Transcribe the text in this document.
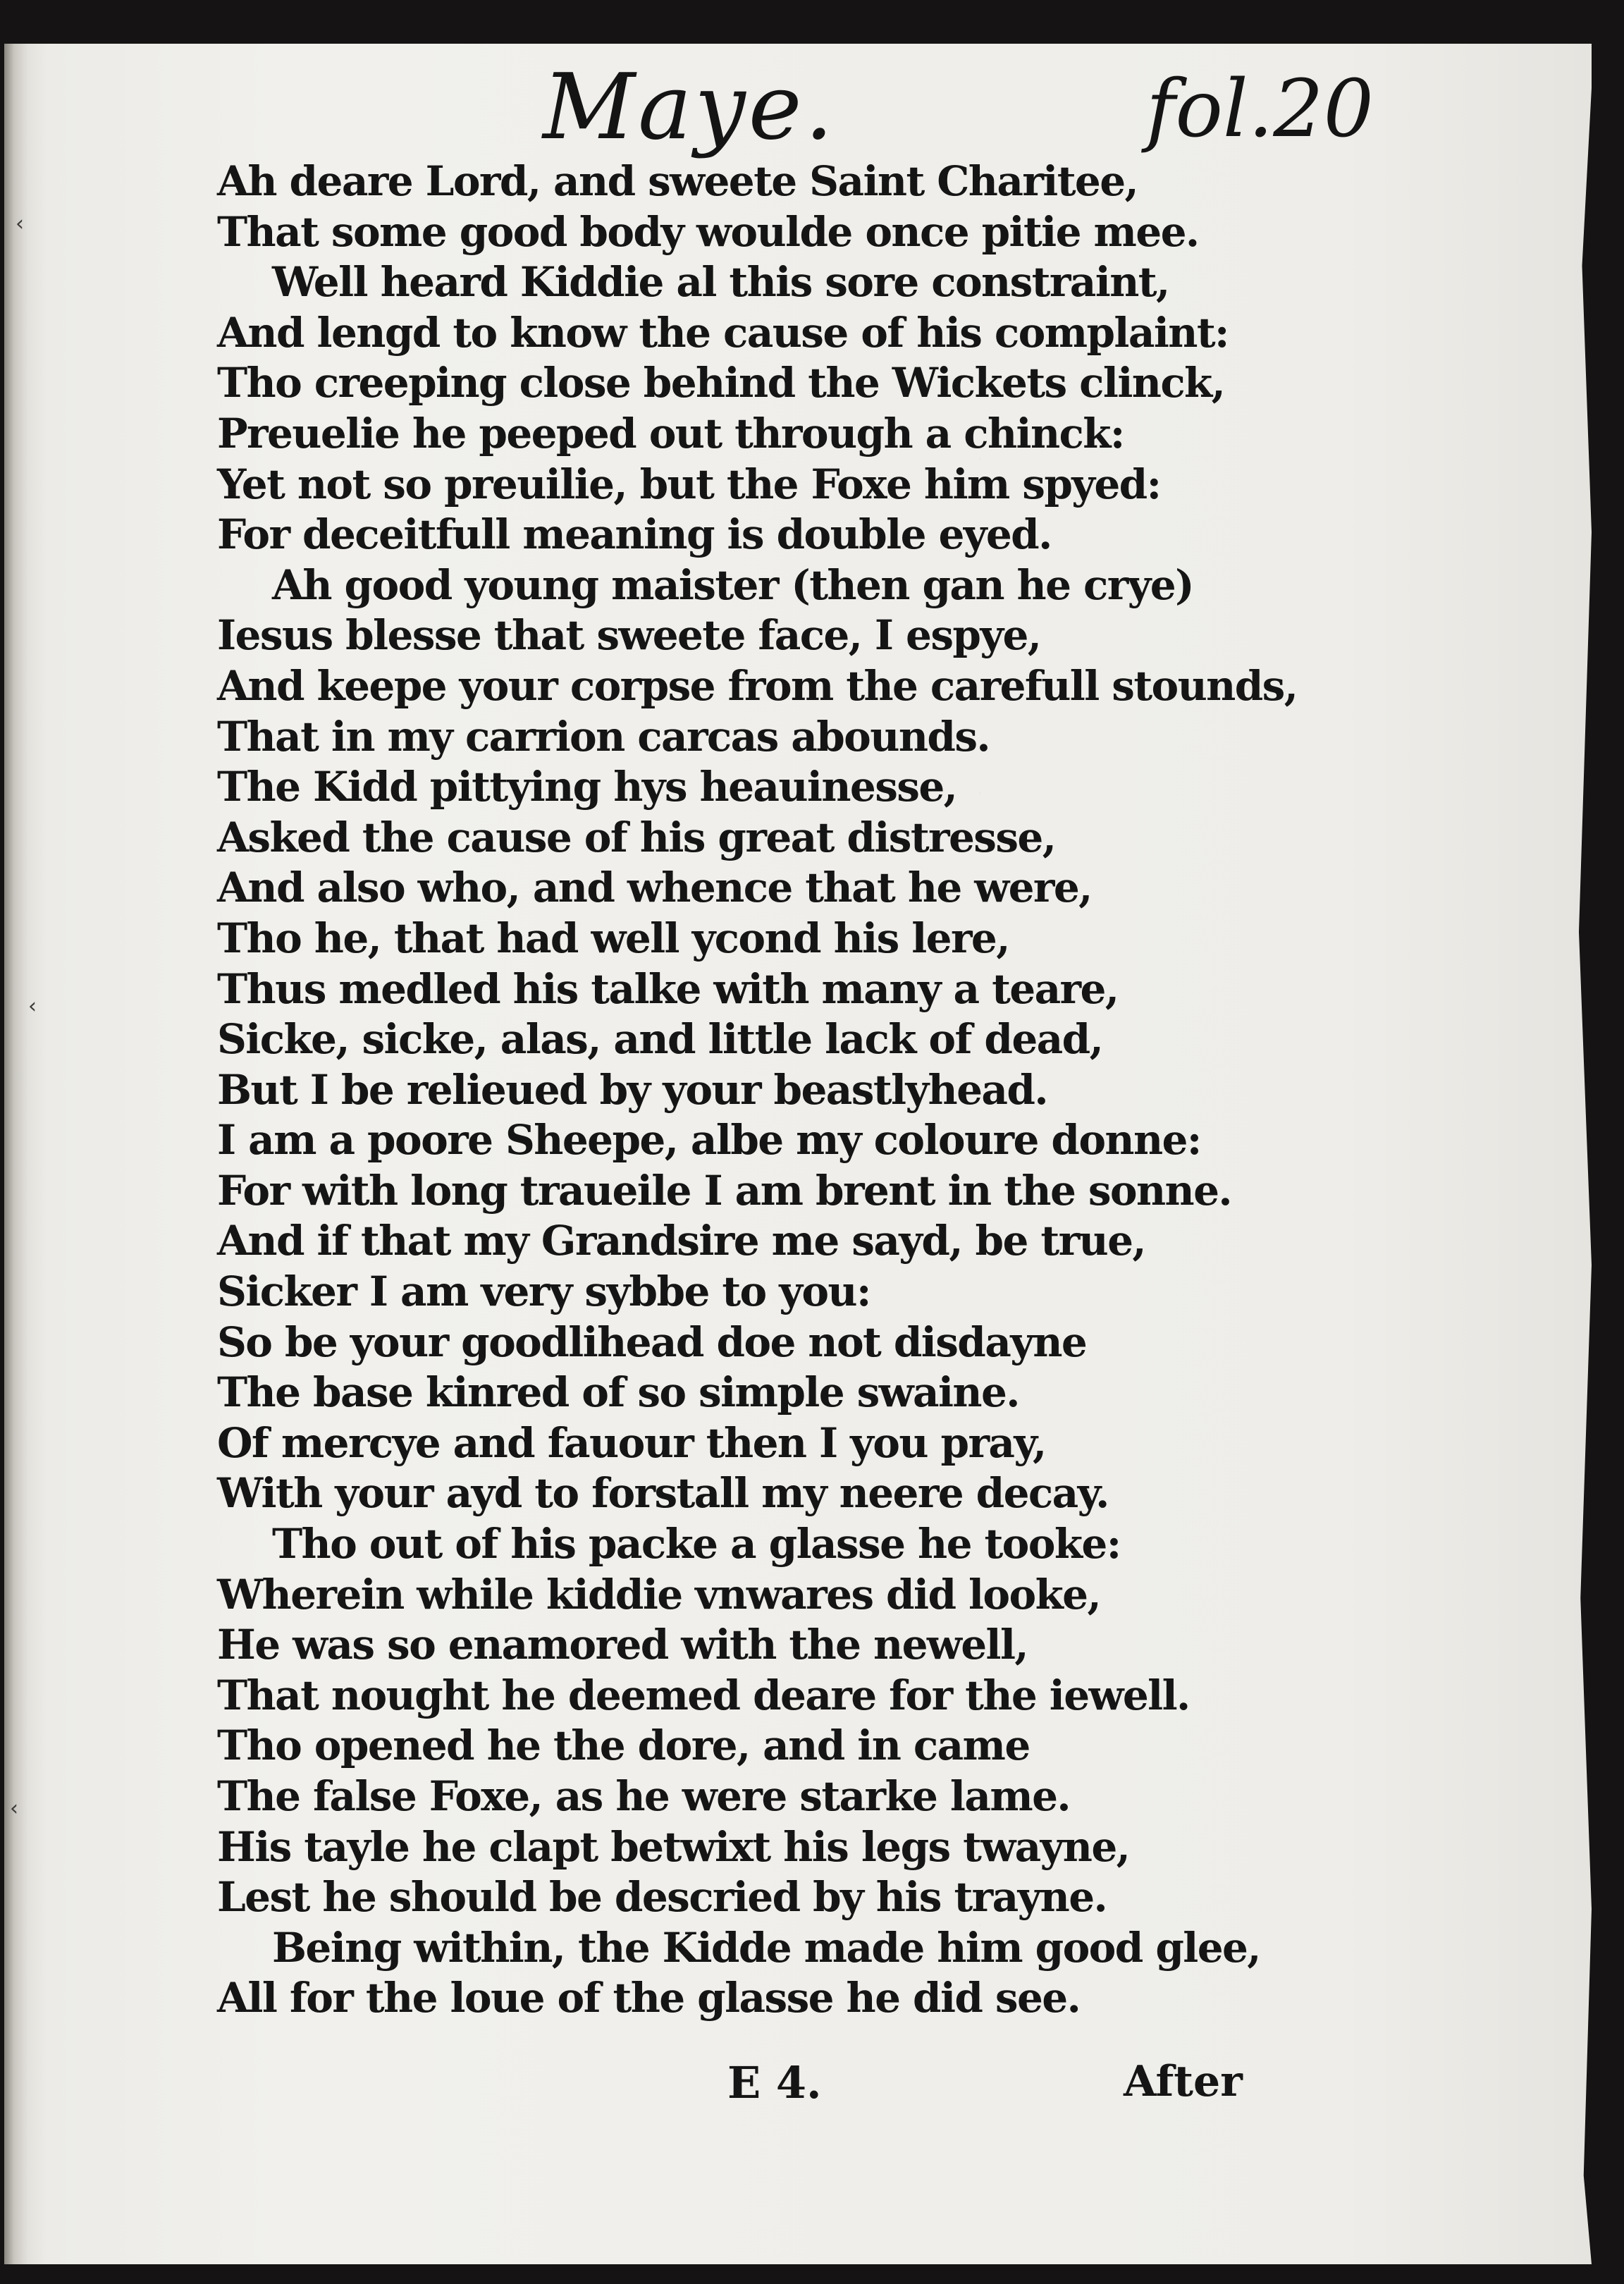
‹
‹
‹
Maye.	fol.20
Ah deare Lord, and sweete Saint Charitee,
That some good body woulde once pitie mee.
Well heard Kiddie al this sore constraint,
And lengd to know the cause of his complaint:
Tho creeping close behind the Wickets clinck,
Preuelie he peeped out through a chinck:
Yet not so preuilie, but the Foxe him spyed:
For deceitfull meaning is double eyed.
Ah good young maister (then gan he crye)
Iesus blesse that sweete face, I espye,
And keepe your corpse from the carefull stounds,
That in my carrion carcas abounds.
The Kidd pittying hys heauinesse,
Asked the cause of his great distresse,
And also who, and whence that he were,
Tho he, that had well ycond his lere,
Thus medled his talke with many a teare,
Sicke, sicke, alas, and little lack of dead,
But I be relieued by your beastlyhead.
I am a poore Sheepe, albe my coloure donne:
For with long traueile I am brent in the sonne.
And if that my Grandsire me sayd, be true,
Sicker I am very sybbe to you:
So be your goodlihead doe not disdayne
The base kinred of so simple swaine.
Of mercye and fauour then I you pray,
With your ayd to forstall my neere decay.
Tho out of his packe a glasse he tooke:
Wherein while kiddie vnwares did looke,
He was so enamored with the newell,
That nought he deemed deare for the iewell.
Tho opened he the dore, and in came
The false Foxe, as he were starke lame.
His tayle he clapt betwixt his legs twayne,
Lest he should be descried by his trayne.
Being within, the Kidde made him good glee,
All for the loue of the glasse he did see.
E 4.	After
